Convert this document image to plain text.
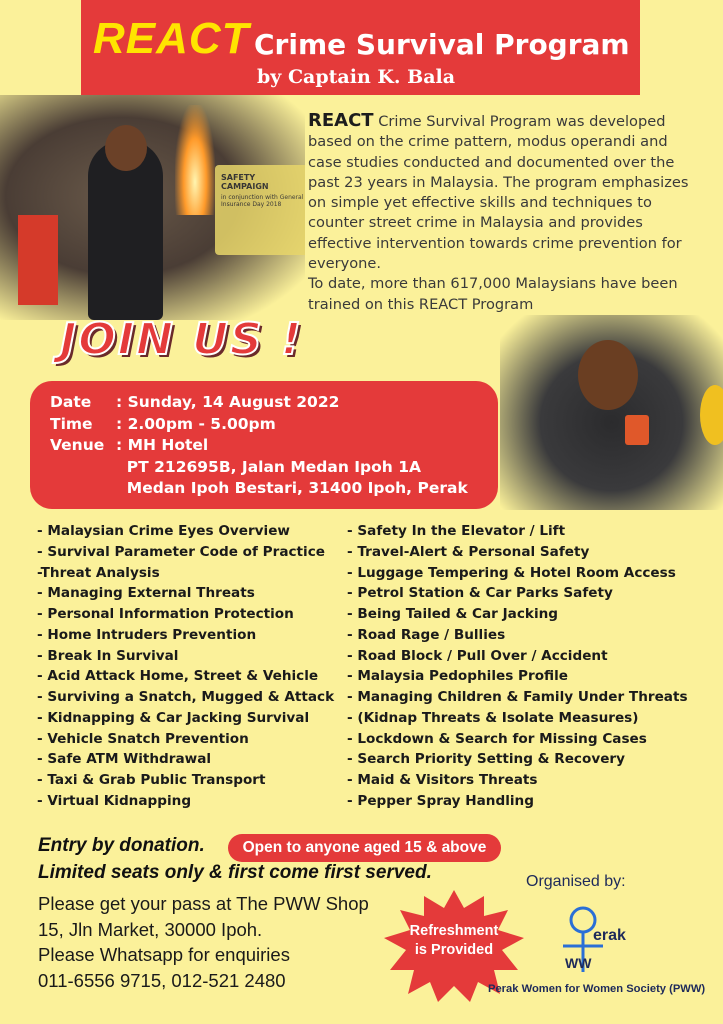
REACT Crime Survival Program
by Captain K. Bala
SAFETY CAMPAIGN
in conjunction with General Insurance Day 2018
REACT Crime Survival Program was developed based on the crime pattern, modus operandi and case studies conducted and documented over the past 23 years in Malaysia. The program emphasizes on simple yet effective skills and techniques to counter street crime in Malaysia and provides effective intervention towards crime prevention for everyone.
To date, more than 617,000 Malaysians have been trained on this REACT Program
JOIN US !
Date	: Sunday, 14 August 2022
Time	: 2.00pm - 5.00pm
Venue : MH Hotel
PT 212695B, Jalan Medan Ipoh 1A
Medan Ipoh Bestari, 31400 Ipoh, Perak
- Malaysian Crime Eyes Overview
- Survival Parameter Code of Practice
-Threat Analysis
- Managing External Threats
- Personal Information Protection
- Home Intruders Prevention
- Break In Survival
- Acid Attack Home, Street & Vehicle
- Surviving a Snatch, Mugged & Attack
- Kidnapping & Car Jacking Survival
- Vehicle Snatch Prevention
- Safe ATM Withdrawal
- Taxi & Grab Public Transport
- Virtual Kidnapping
- Safety In the Elevator / Lift
- Travel-Alert & Personal Safety
- Luggage Tempering & Hotel Room Access
- Petrol Station & Car Parks Safety
- Being Tailed & Car Jacking
- Road Rage / Bullies
- Road Block / Pull Over / Accident
- Malaysia Pedophiles Profile
- Managing Children & Family Under Threats
- (Kidnap Threats & Isolate Measures)
- Lockdown & Search for Missing Cases
- Search Priority Setting & Recovery
- Maid & Visitors Threats
- Pepper Spray Handling
Entry by donation. Open to anyone aged 15 & above
Limited seats only & first come first served.
Please get your pass at The PWW Shop
15, Jln Market, 30000 Ipoh.
Please Whatsapp for enquiries
011-6556 9715, 012-521 2480
Refreshment
is Provided
Organised by:
erak
WW
Perak Women for Women Society (PWW)
